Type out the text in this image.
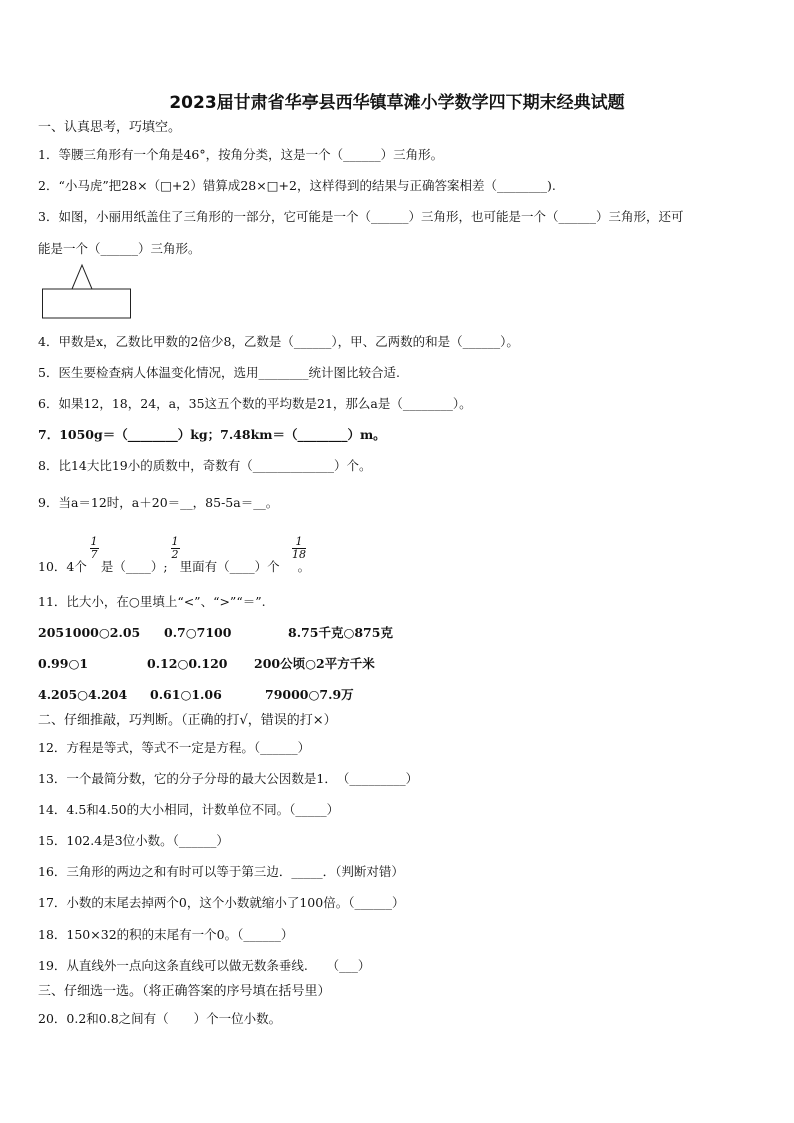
2023届甘肃省华亭县西华镇草滩小学数学四下期末经典试题
一、认真思考，巧填空。
1．等腰三角形有一个角是46°，按角分类，这是一个（______）三角形。
2．“小马虎”把28×（□+2）错算成28×□+2，这样得到的结果与正确答案相差（________).
3．如图，小丽用纸盖住了三角形的一部分，它可能是一个（______）三角形，也可能是一个（______）三角形，还可
能是一个（______）三角形。
4．甲数是x，乙数比甲数的2倍少8，乙数是（______），甲、乙两数的和是（______）。
5．医生要检查病人体温变化情况，选用________统计图比较合适.
6．如果12，18，24，a，35这五个数的平均数是21，那么a是（________）。
7．1050g＝（________）kg；7.48km＝（________）m。
8．比14大比19小的质数中，奇数有（_____________）个。
9．当a＝12时，a＋20＝__，85-5a＝__。
10．4个 是（____）; 里面有（____）个 。
1
7
1
2
1
18
11．比大小，在○里填上“<”、“>”“＝”.
2051000○2.05 0.7○7100	8.75千克○875克
0.99○1	0.12○0.120 200公顷○2平方千米
4.205○4.204 0.61○1.06	79000○7.9万
二、仔细推敲，巧判断。（正确的打√，错误的打×）
12．方程是等式，等式不一定是方程。（______）
13．一个最简分数，它的分子分母的最大公因数是1．　（_________）
14．4.5和4.50的大小相同，计数单位不同。（_____）
15．102.4是3位小数。（______）
16．三角形的两边之和有时可以等于第三边．_____．（判断对错）
17．小数的末尾去掉两个0，这个小数就缩小了100倍。（______）
18．150×32的积的末尾有一个0。（______）
19．从直线外一点向这条直线可以做无数条垂线.　　（___）
三、仔细选一选。（将正确答案的序号填在括号里）
20．0.2和0.8之间有（　　）个一位小数。
